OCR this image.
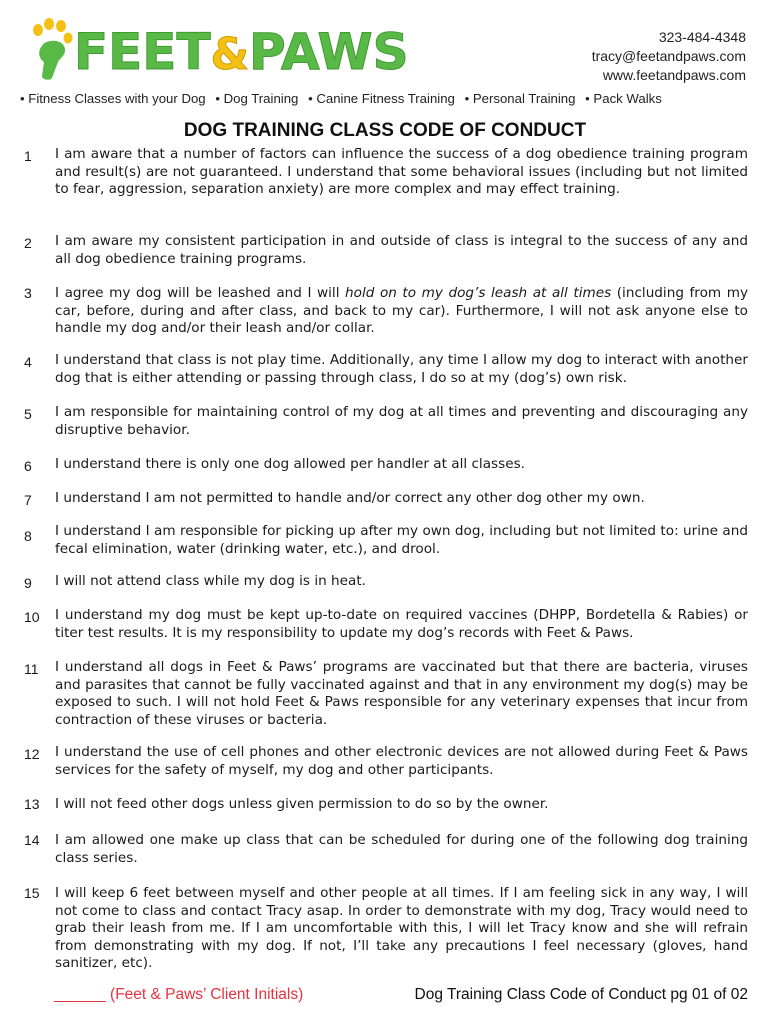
FEET&PAWS	323-484-4348
tracy@feetandpaws.com
www.feetandpaws.com
• Fitness Classes with your Dog • Dog Training • Canine Fitness Training • Personal Training • Pack Walks
DOG TRAINING CLASS CODE OF CONDUCT
1	I am aware that a number of factors can influence the success of a dog obedience training program and result(s) are not guaranteed. I understand that some behavioral issues (including but not limited to fear, aggression, separation anxiety) are more complex and may effect training.
2	I am aware my consistent participation in and outside of class is integral to the success of any and all dog obedience training programs.
3	I agree my dog will be leashed and I will hold on to my dog’s leash at all times (including from my car, before, during and after class, and back to my car). Furthermore, I will not ask anyone else to handle my dog and/or their leash and/or collar.
4	I understand that class is not play time. Additionally, any time I allow my dog to interact with another dog that is either attending or passing through class, I do so at my (dog’s) own risk.
5	I am responsible for maintaining control of my dog at all times and preventing and discouraging any disruptive behavior.
6	I understand there is only one dog allowed per handler at all classes.
7	I understand I am not permitted to handle and/or correct any other dog other my own.
8	I understand I am responsible for picking up after my own dog, including but not limited to: urine and fecal elimination, water (drinking water, etc.), and drool.
9	I will not attend class while my dog is in heat.
10	I understand my dog must be kept up-to-date on required vaccines (DHPP, Bordetella & Rabies) or titer test results. It is my responsibility to update my dog’s records with Feet & Paws.
11	I understand all dogs in Feet & Paws’ programs are vaccinated but that there are bacteria, viruses and parasites that cannot be fully vaccinated against and that in any environment my dog(s) may be exposed to such. I will not hold Feet & Paws responsible for any veterinary expenses that incur from contraction of these viruses or bacteria.
12	I understand the use of cell phones and other electronic devices are not allowed during Feet & Paws services for the safety of myself, my dog and other participants.
13	I will not feed other dogs unless given permission to do so by the owner.
14	I am allowed one make up class that can be scheduled for during one of the following dog training class series.
15	I will keep 6 feet between myself and other people at all times. If I am feeling sick in any way, I will not come to class and contact Tracy asap. In order to demonstrate with my dog, Tracy would need to grab their leash from me. If I am uncomfortable with this, I will let Tracy know and she will refrain from demonstrating with my dog. If not, I’ll take any precautions I feel necessary (gloves, hand sanitizer, etc).
______ (Feet & Paws’ Client Initials)	Dog Training Class Code of Conduct pg 01 of 02
